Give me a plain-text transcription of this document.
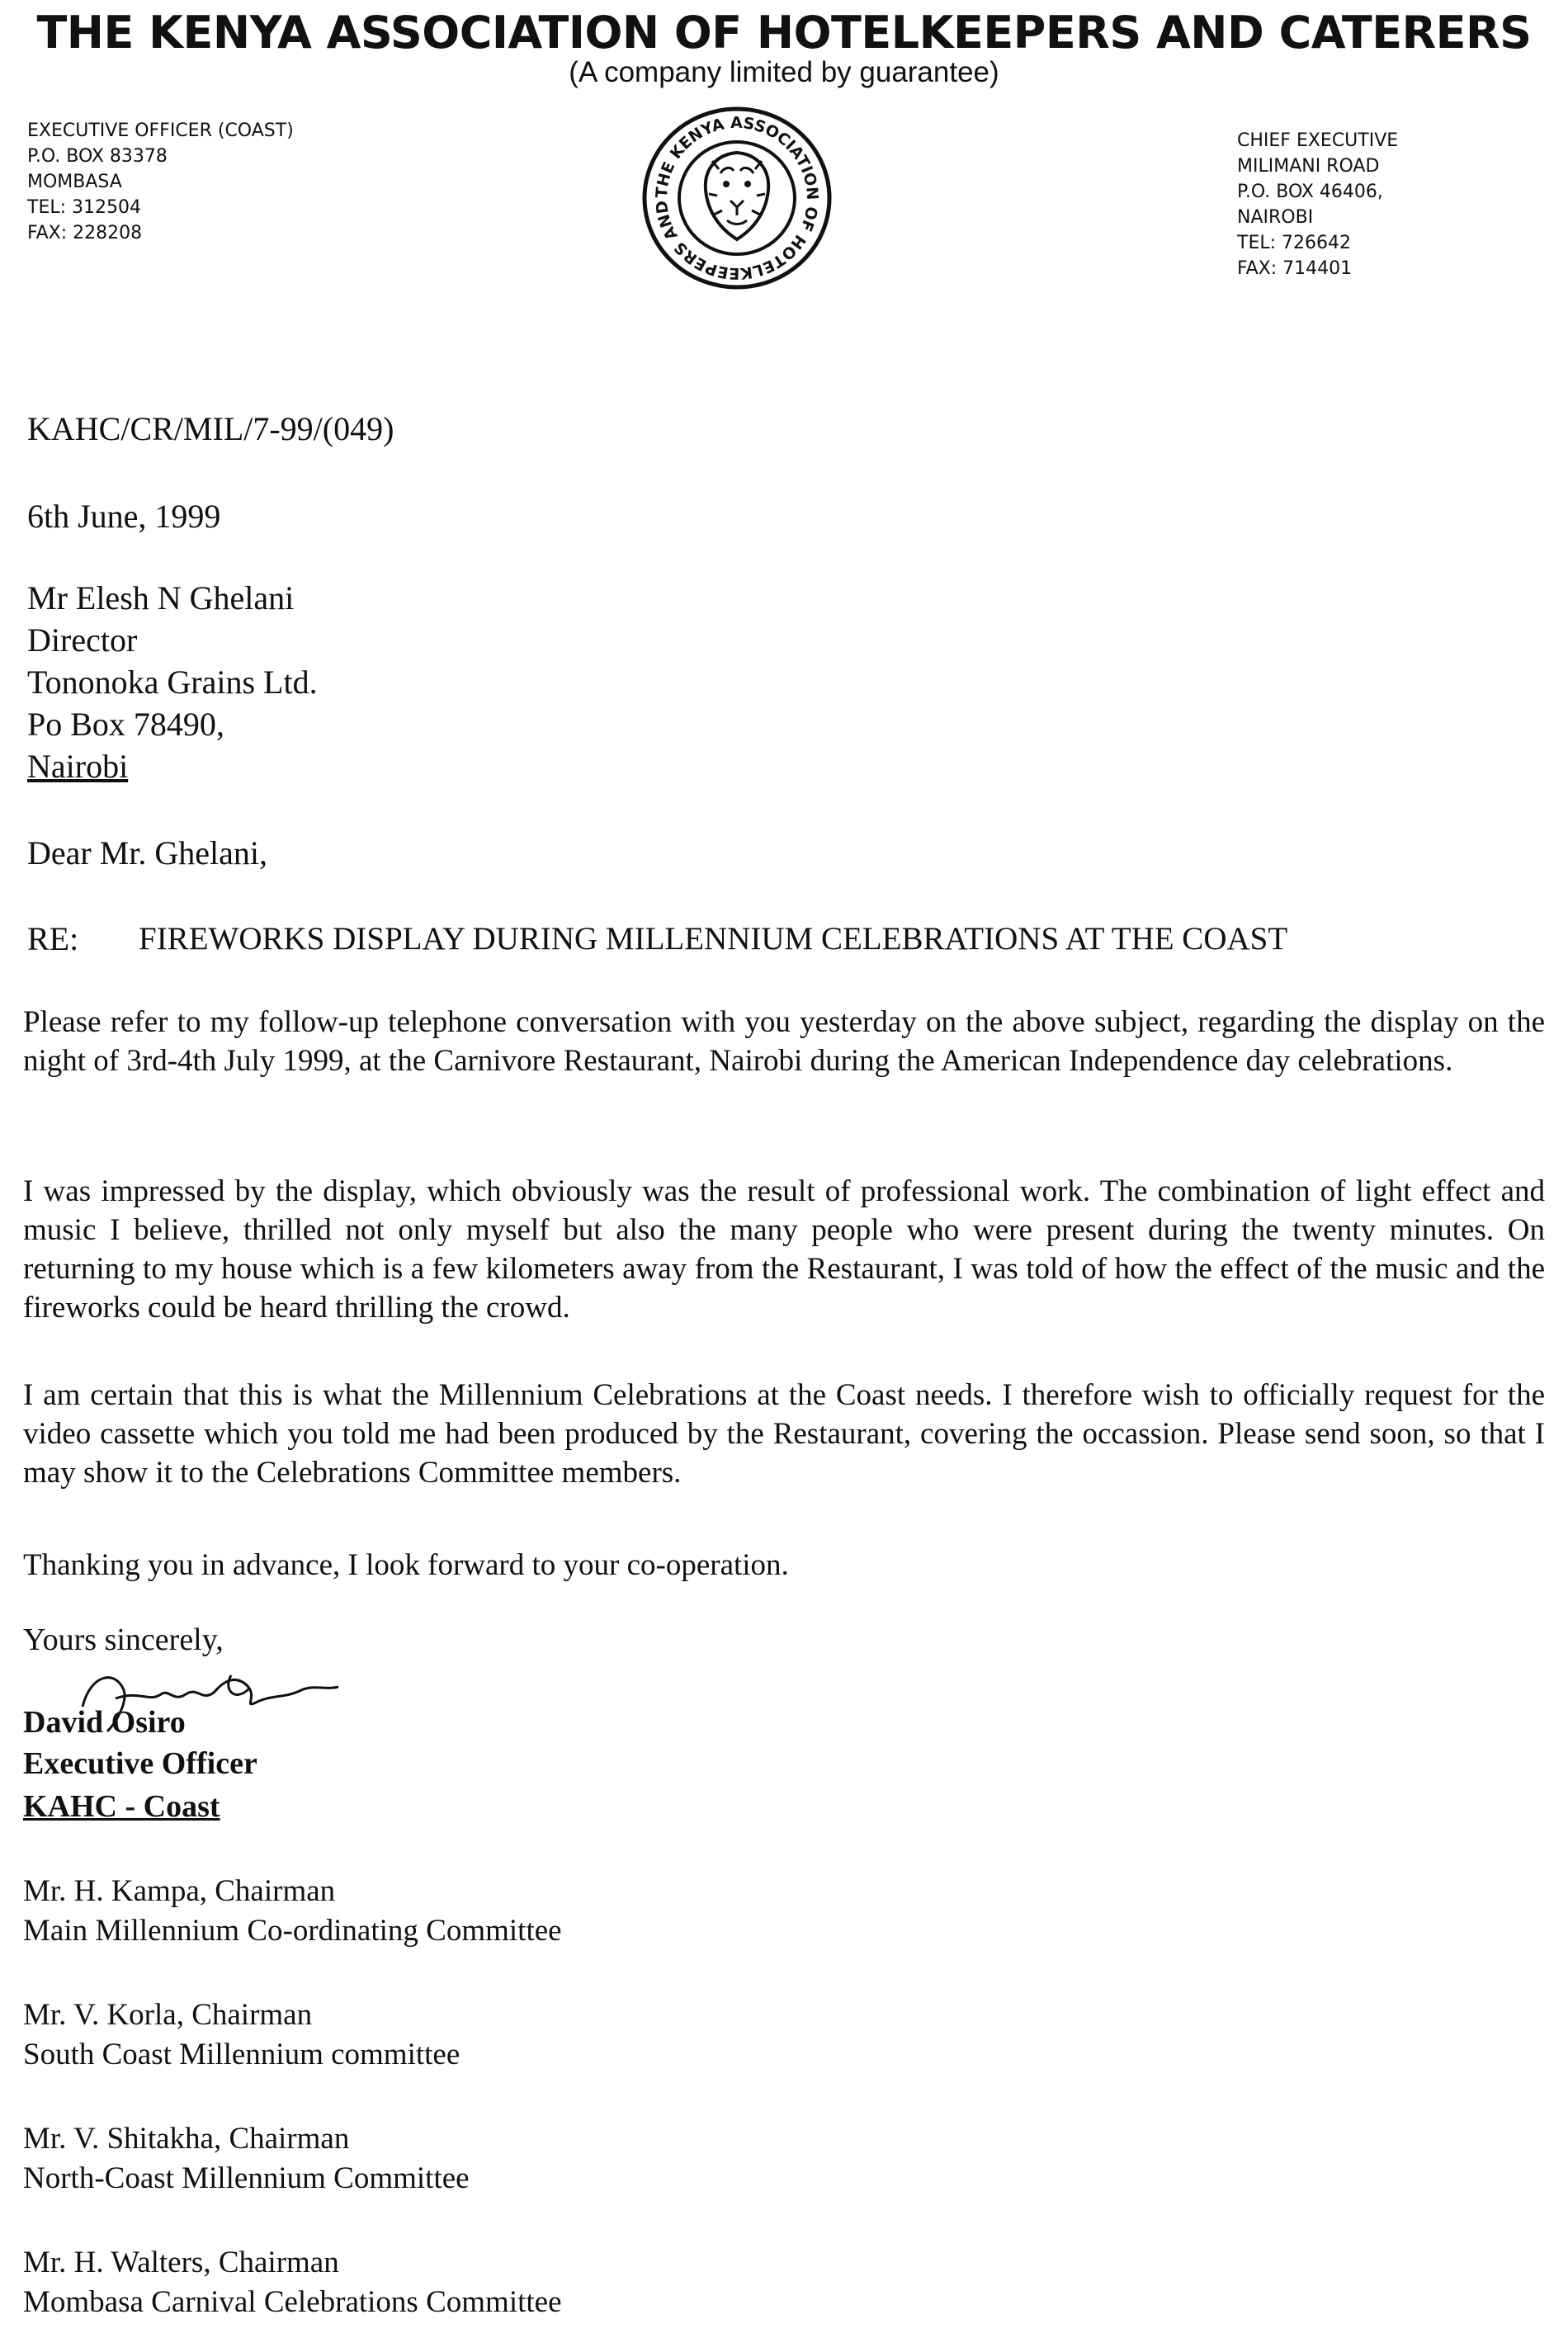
THE KENYA ASSOCIATION OF HOTELKEEPERS AND CATERERS
(A company limited by guarantee)
EXECUTIVE OFFICER (COAST)
P.O. BOX 83378
MOMBASA
TEL: 312504
FAX: 228208
THE KENYA ASSOCIATION OF HOTELKEEPERS AND
CHIEF EXECUTIVE
MILIMANI ROAD
P.O. BOX 46406,
NAIROBI
TEL: 726642
FAX: 714401
KAHC/CR/MIL/7-99/(049)
6th June, 1999
Mr Elesh N Ghelani
Director
Tononoka Grains Ltd.
Po Box 78490,
Nairobi
Dear Mr. Ghelani,
RE: FIREWORKS DISPLAY DURING MILLENNIUM CELEBRATIONS AT THE COAST
Please refer to my follow-up telephone conversation with you yesterday on the above subject, regarding the display on the night of 3rd-4th July 1999, at the Carnivore Restaurant, Nairobi during the American Independence day celebrations.
I was impressed by the display, which obviously was the result of professional work. The combination of light effect and music I believe, thrilled not only myself but also the many people who were present during the twenty minutes. On returning to my house which is a few kilometers away from the Restaurant, I was told of how the effect of the music and the fireworks could be heard thrilling the crowd.
I am certain that this is what the Millennium Celebrations at the Coast needs. I therefore wish to officially request for the video cassette which you told me had been produced by the Restaurant, covering the occassion. Please send soon, so that I may show it to the Celebrations Committee members.
Thanking you in advance, I look forward to your co-operation.
Yours sincerely,
David Osiro
Executive Officer
KAHC - Coast
Mr. H. Kampa, Chairman
Main Millennium Co-ordinating Committee
Mr. V. Korla, Chairman
South Coast Millennium committee
Mr. V. Shitakha, Chairman
North-Coast Millennium Committee
Mr. H. Walters, Chairman
Mombasa Carnival Celebrations Committee
